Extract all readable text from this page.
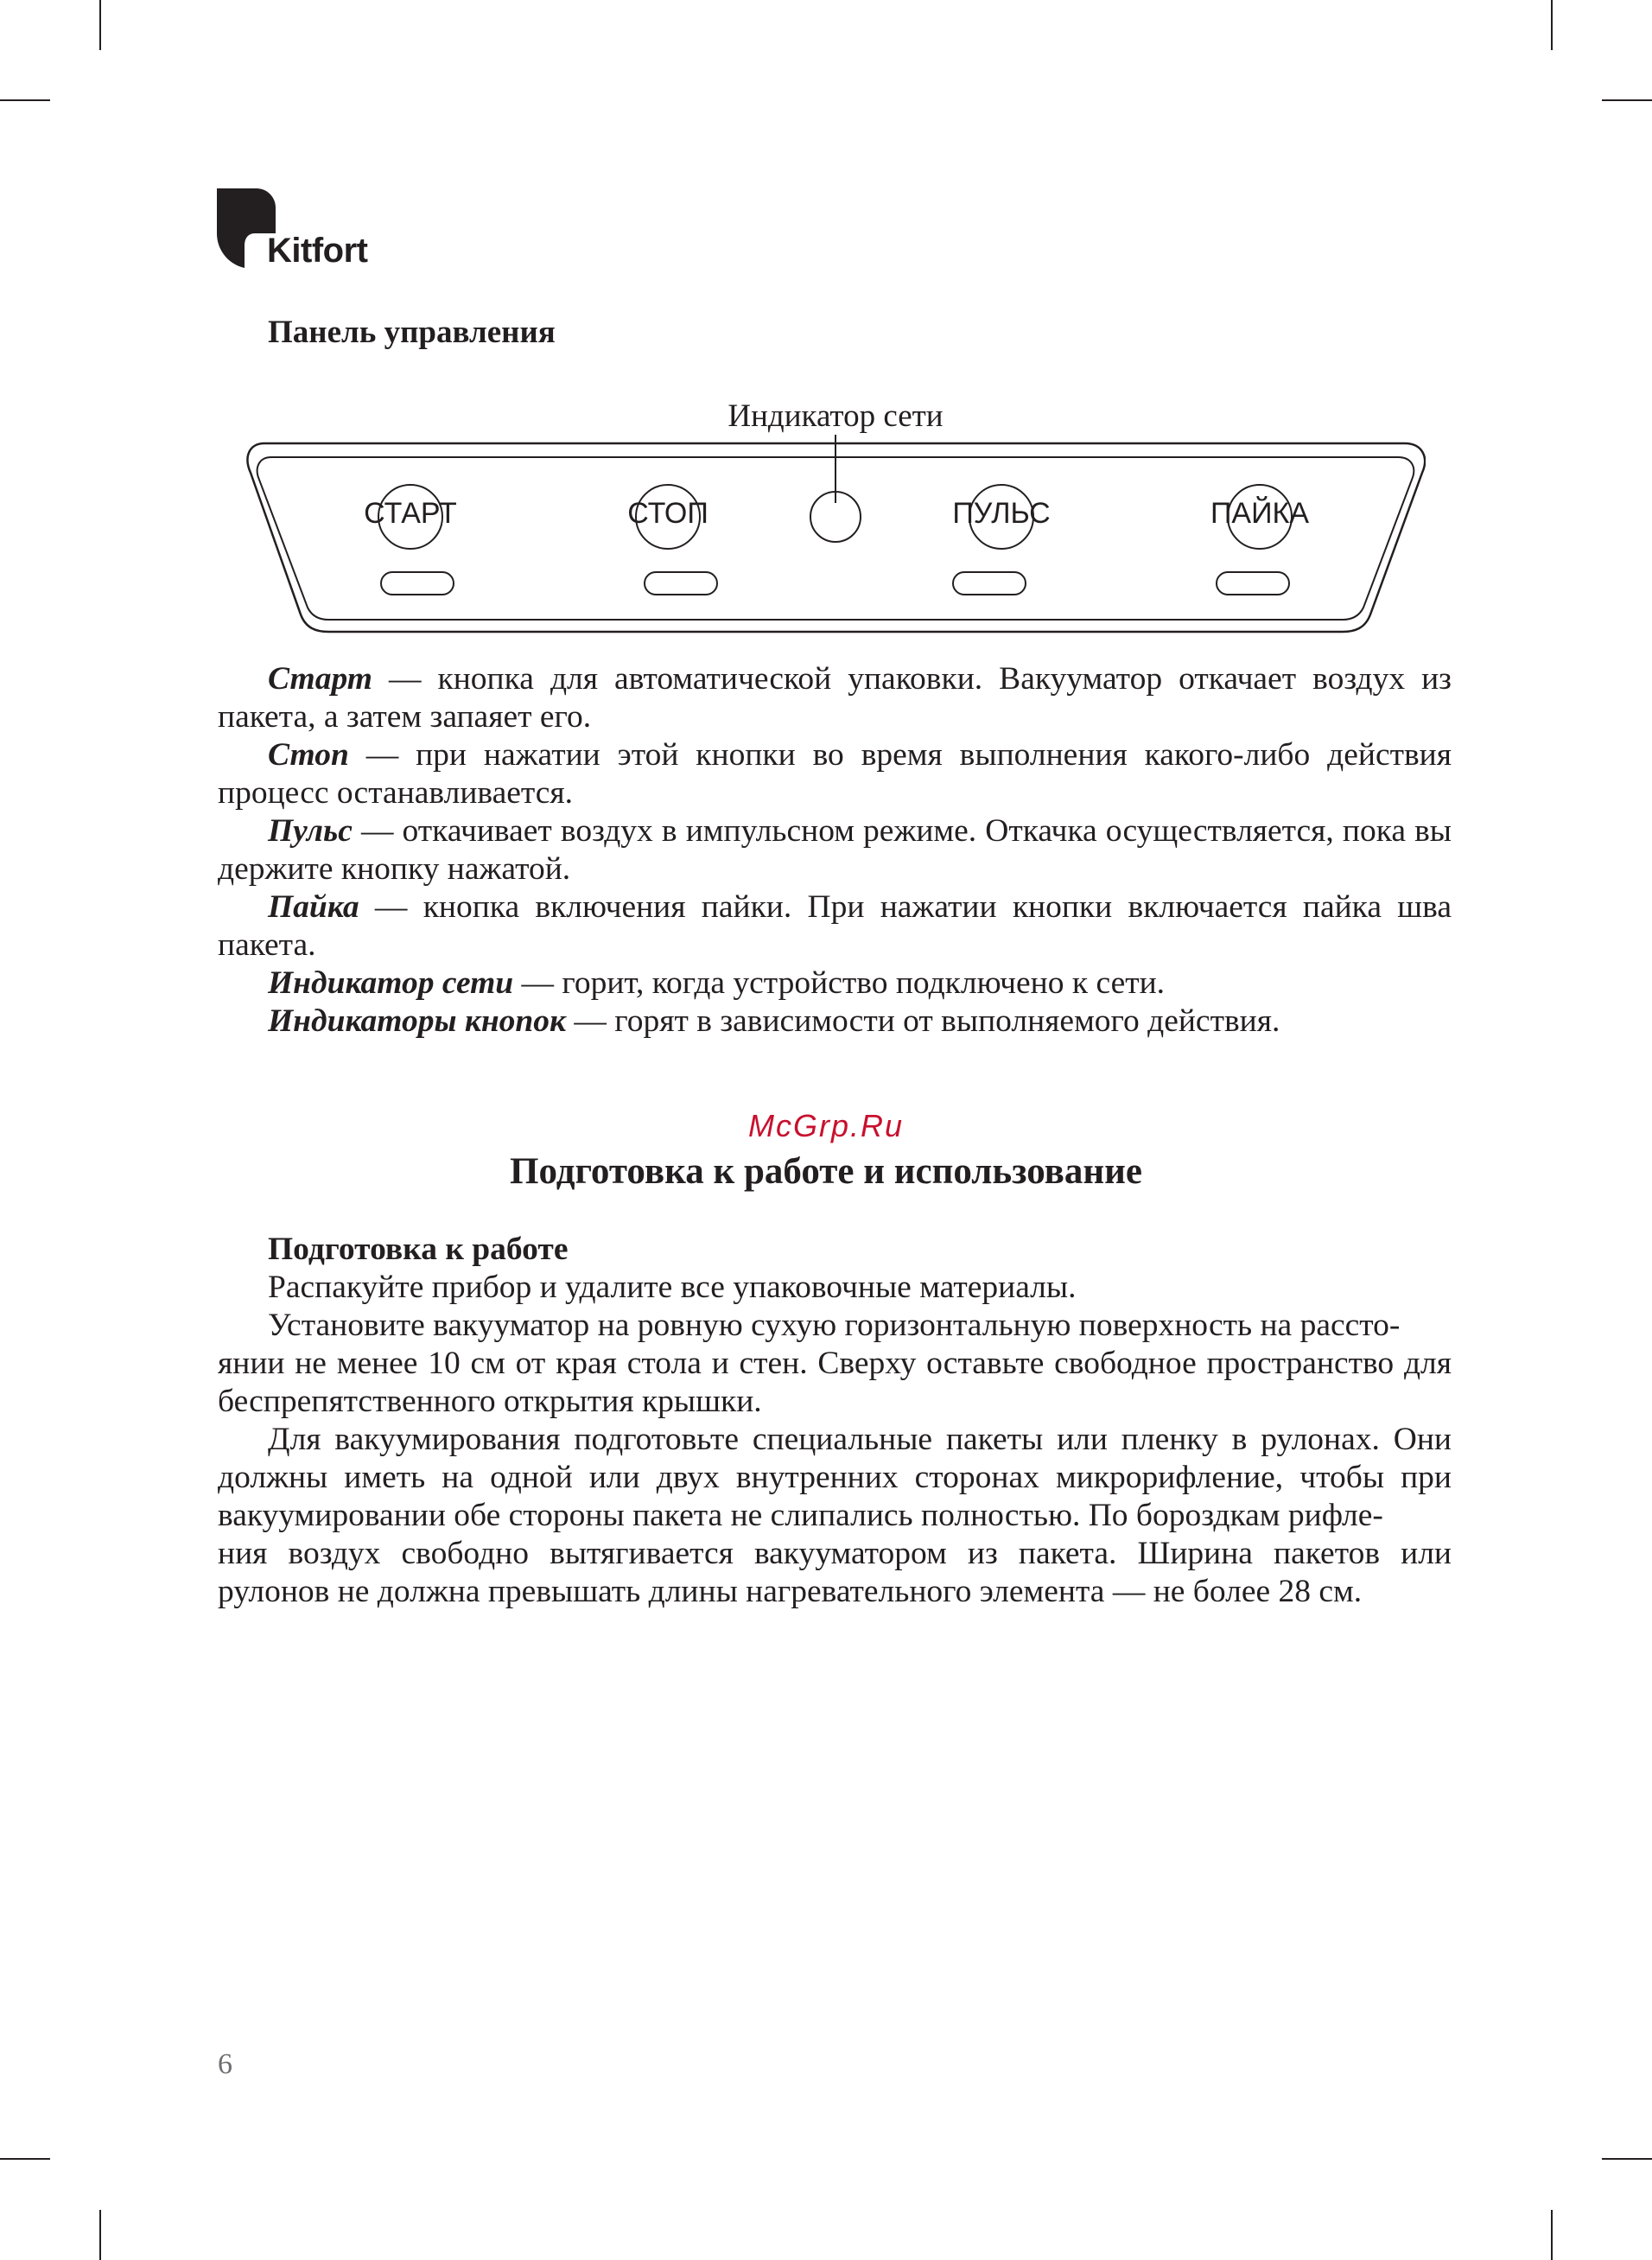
Kitfort
Панель управления
Индикатор сети
СТАРТ	СТОП	ПУЛЬС	ПАЙКА

Старт — кнопка для автоматической упаковки. Вакууматор откачает воздух из пакета, а затем запаяет его.

Стоп — при нажатии этой кнопки во время выполнения какого-либо действия процесс останавливается.

Пульс — откачивает воздух в импульсном режиме. Откачка осуществляется, пока вы держите кнопку нажатой.

Пайка — кнопка включения пайки. При нажатии кнопки включается пайка шва пакета.

Индикатор сети — горит, когда устройство подключено к сети.

Индикаторы кнопок — горят в зависимости от выполняемого действия.

McGrp.Ru
Подготовка к работе и использование

Подготовка к работе

Распакуйте прибор и удалите все упаковочные материалы.

Установите вакууматор на ровную сухую горизонтальную поверхность на рассто -
янии не менее 10 см от края стола и стен. Сверху оставьте свободное пространство для беспрепятственного открытия крышки.

Для вакуумирования подготовьте специальные пакеты или пленку в рулонах. Они должны иметь на одной или двух внутренних сторонах микрорифление, чтобы при вакуумировании обе стороны пакета не слипались полностью. По бороздкам рифле -
ния воздух свободно вытягивается вакууматором из пакета. Ширина пакетов или рулонов не должна превышать длины нагревательного элемента — не более 28 см.

6
